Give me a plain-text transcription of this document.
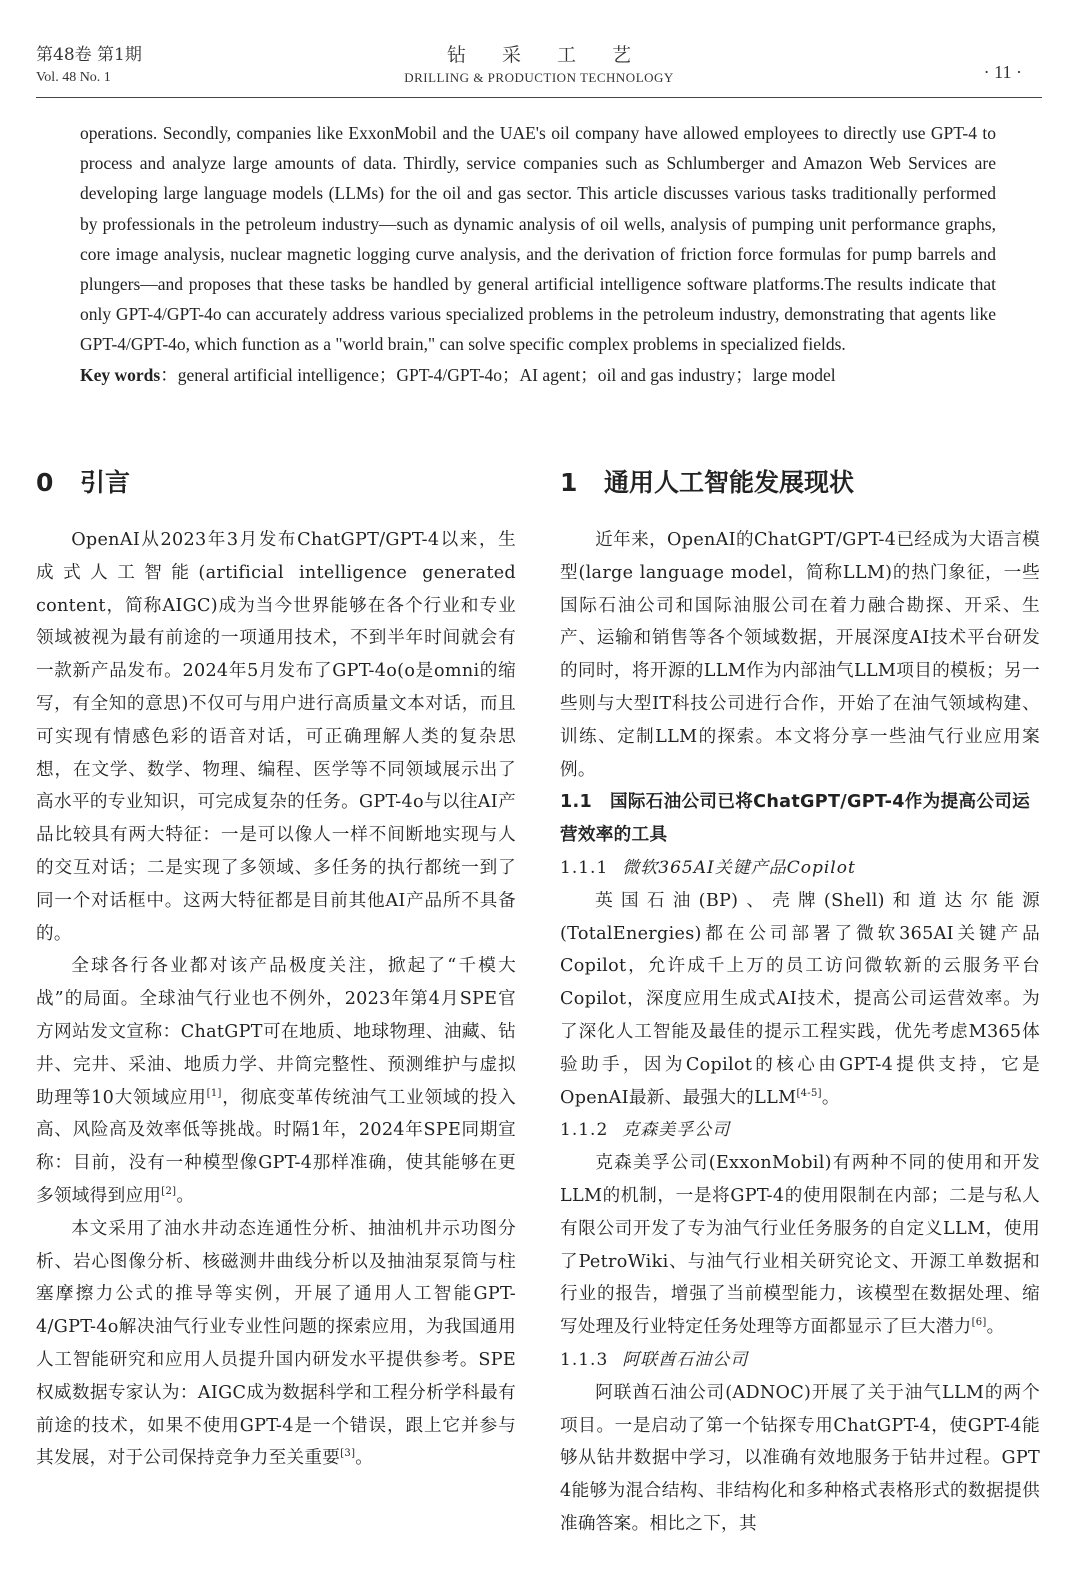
第48卷 第1期
Vol. 48 No. 1
钻采工艺
DRILLING & PRODUCTION TECHNOLOGY	· 11 ·

operations. Secondly, companies like ExxonMobil and the UAE's oil company have allowed employees to directly use GPT-4 to process and analyze large amounts of data. Thirdly, service companies such as Schlumberger and Amazon Web Services are developing large language models (LLMs) for the oil and gas sector. This article discusses various tasks traditionally performed by professionals in the petroleum industry—such as dynamic analysis of oil wells, analysis of pumping unit performance graphs, core image analysis, nuclear magnetic logging curve analysis, and the derivation of friction force formulas for pump barrels and plungers—and proposes that these tasks be handled by general artificial intelligence software platforms.The results indicate that only GPT-4/GPT-4o can accurately address various specialized problems in the petroleum industry, demonstrating that agents like GPT-4/GPT-4o, which function as a "world brain," can solve specific complex problems in specialized fields.

Key words：general artificial intelligence；GPT-4/GPT-4o；AI agent；oil and gas industry；large model

0 引言

OpenAI从2023年3月发布ChatGPT/GPT-4以来，生成式人工智能(artificial intelligence generated content，简称AIGC)成为当今世界能够在各个行业和专业领域被视为最有前途的一项通用技术，不到半年时间就会有一款新产品发布。2024年5月发布了GPT-4o(o是omni的缩写，有全知的意思)不仅可与用户进行高质量文本对话，而且可实现有情感色彩的语音对话，可正确理解人类的复杂思想，在文学、数学、物理、编程、医学等不同领域展示出了高水平的专业知识，可完成复杂的任务。GPT-4o与以往AI产品比较具有两大特征：一是可以像人一样不间断地实现与人的交互对话；二是实现了多领域、多任务的执行都统一到了同一个对话框中。这两大特征都是目前其他AI产品所不具备的。

全球各行各业都对该产品极度关注，掀起了“千模大战”的局面。全球油气行业也不例外，2023年第4月SPE官方网站发文宣称：ChatGPT可在地质、地球物理、油藏、钻井、完井、采油、地质力学、井筒完整性、预测维护与虚拟助理等10大领域应用[1]，彻底变革传统油气工业领域的投入高、风险高及效率低等挑战。时隔1年，2024年SPE同期宣称：目前，没有一种模型像GPT-4那样准确，使其能够在更多领域得到应用[2]。

本文采用了油水井动态连通性分析、抽油机井示功图分析、岩心图像分析、核磁测井曲线分析以及抽油泵泵筒与柱塞摩擦力公式的推导等实例，开展了通用人工智能GPT-4/GPT-4o解决油气行业专业性问题的探索应用，为我国通用人工智能研究和应用人员提升国内研发水平提供参考。SPE权威数据专家认为：AIGC成为数据科学和工程分析学科最有前途的技术，如果不使用GPT-4是一个错误，跟上它并参与其发展，对于公司保持竞争力至关重要[3]。

1 通用人工智能发展现状

近年来，OpenAI的ChatGPT/GPT-4已经成为大语言模型(large language model，简称LLM)的热门象征，一些国际石油公司和国际油服公司在着力融合勘探、开采、生产、运输和销售等各个领域数据，开展深度AI技术平台研发的同时，将开源的LLM作为内部油气LLM项目的模板；另一些则与大型IT科技公司进行合作，开始了在油气领域构建、训练、定制LLM的探索。本文将分享一些油气行业应用案例。

1.1　国际石油公司已将ChatGPT/GPT-4作为提高公司运营效率的工具

1.1.1 微软365AI关键产品Copilot

英国石油(BP)、壳牌(Shell)和道达尔能源(TotalEnergies)都在公司部署了微软365AI关键产品Copilot，允许成千上万的员工访问微软新的云服务平台Copilot，深度应用生成式AI技术，提高公司运营效率。为了深化人工智能及最佳的提示工程实践，优先考虑M365体验助手，因为Copilot的核心由GPT-4提供支持，它是OpenAI最新、最强大的LLM[4-5]。

1.1.2 克森美孚公司

克森美孚公司(ExxonMobil)有两种不同的使用和开发LLM的机制，一是将GPT-4的使用限制在内部；二是与私人有限公司开发了专为油气行业任务服务的自定义LLM，使用了PetroWiki、与油气行业相关研究论文、开源工单数据和行业的报告，增强了当前模型能力，该模型在数据处理、缩写处理及行业特定任务处理等方面都显示了巨大潜力[6]。

1.1.3 阿联酋石油公司

阿联酋石油公司(ADNOC)开展了关于油气LLM的两个项目。一是启动了第一个钻探专用ChatGPT-4，使GPT-4能够从钻井数据中学习，以准确有效地服务于钻井过程。GPT 4能够为混合结构、非结构化和多种格式表格形式的数据提供准确答案。相比之下，其
